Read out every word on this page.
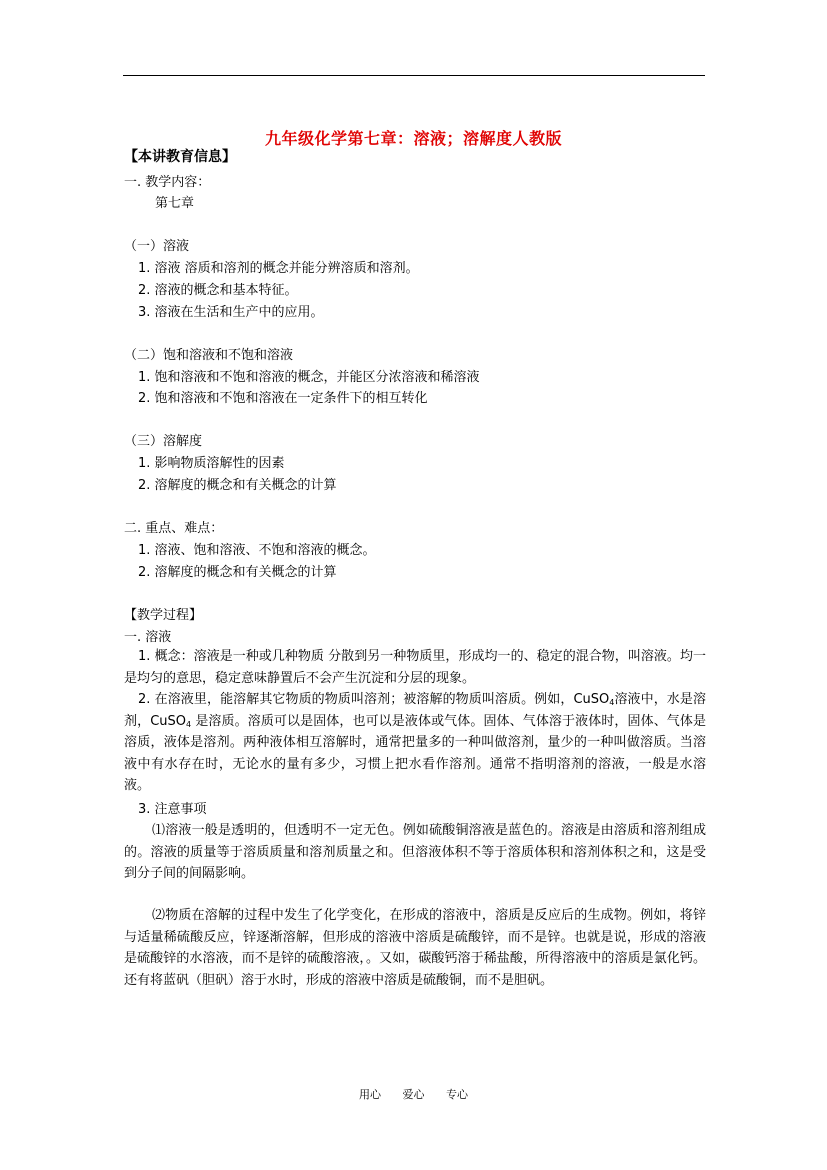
九年级化学第七章：溶液；溶解度人教版
【本讲教育信息】
一. 教学内容：
第七章
（一）溶液
1. 溶液 溶质和溶剂的概念并能分辨溶质和溶剂。
2. 溶液的概念和基本特征。
3. 溶液在生活和生产中的应用。
（二）饱和溶液和不饱和溶液
1. 饱和溶液和不饱和溶液的概念，并能区分浓溶液和稀溶液
2. 饱和溶液和不饱和溶液在一定条件下的相互转化
（三）溶解度
1. 影响物质溶解性的因素
2. 溶解度的概念和有关概念的计算
二. 重点、难点：
1. 溶液、饱和溶液、不饱和溶液的概念。
2. 溶解度的概念和有关概念的计算
【教学过程】
一. 溶液
1. 概念：溶液是一种或几种物质 分散到另一种物质里，形成均一的、稳定的混合物，叫溶液。均一是均匀的意思，稳定意味静置后不会产生沉淀和分层的现象。
2. 在溶液里，能溶解其它物质的物质叫溶剂；被溶解的物质叫溶质。例如，CuSO$_4$溶液中，水是溶剂，CuSO$_4$ 是溶质。溶质可以是固体，也可以是液体或气体。固体、气体溶于液体时，固体、气体是溶质，液体是溶剂。两种液体相互溶解时，通常把量多的一种叫做溶剂，量少的一种叫做溶质。当溶液中有水存在时，无论水的量有多少，习惯上把水看作溶剂。通常不指明溶剂的溶液，一般是水溶液。
3. 注意事项
⑴溶液一般是透明的，但透明不一定无色。例如硫酸铜溶液是蓝色的。溶液是由溶质和溶剂组成的。溶液的质量等于溶质质量和溶剂质量之和。但溶液体积不等于溶质体积和溶剂体积之和，这是受到分子间的间隔影响。
⑵物质在溶解的过程中发生了化学变化，在形成的溶液中，溶质是反应后的生成物。例如，将锌与适量稀硫酸反应，锌逐渐溶解，但形成的溶液中溶质是硫酸锌，而不是锌。也就是说，形成的溶液是硫酸锌的水溶液，而不是锌的硫酸溶液，。又如，碳酸钙溶于稀盐酸，所得溶液中的溶质是氯化钙。还有将蓝矾（胆矾）溶于水时，形成的溶液中溶质是硫酸铜，而不是胆矾。
用心 爱心 专心
